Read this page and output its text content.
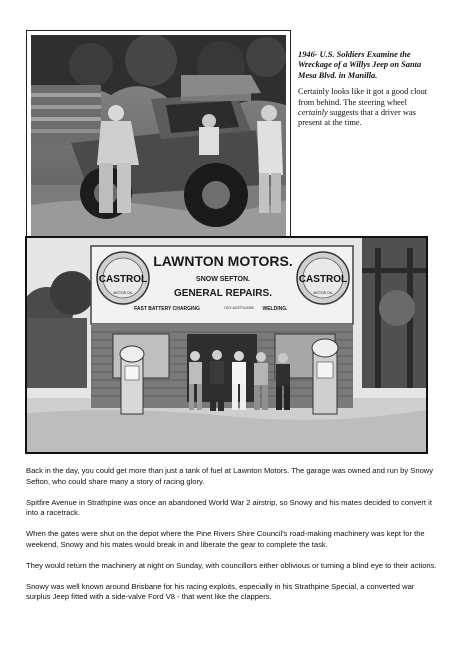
1946- U.S. Soldiers Examine the Wreckage of a Willys Jeep on Santa Mesa Blvd. in Manilla.

Certainly looks like it got a good clout from behind. The steering wheel certainly suggests that a driver was present at the time.

LAWNTON MOTORS.
SNOW SEFTON.
GENERAL REPAIRS.
FAST BATTERY CHARGING	OXY-ACETYLENE WELDING.
CASTROL
MOTOR OIL
CASTROL
MOTOR OIL

Back in the day, you could get more than just a tank of fuel at Lawnton Motors. The garage was owned and run by Snowy Sefton, who could share many a story of racing glory.

Spitfire Avenue in Strathpine was once an abandoned World War 2 airstrip, so Snowy and his mates decided to convert it into a racetrack.

When the gates were shut on the depot where the Pine Rivers Shire Council's road-making machinery was kept for the weekend, Snowy and his mates would break in and liberate the gear to complete the task.

They would return the machinery at night on Sunday, with councillors either oblivious or turning a blind eye to their actions.

Snowy was well known around Brisbane for his racing exploits, especially in his Strathpine Special, a converted war surplus Jeep fitted with a side-valve Ford V8 - that went like the clappers.
